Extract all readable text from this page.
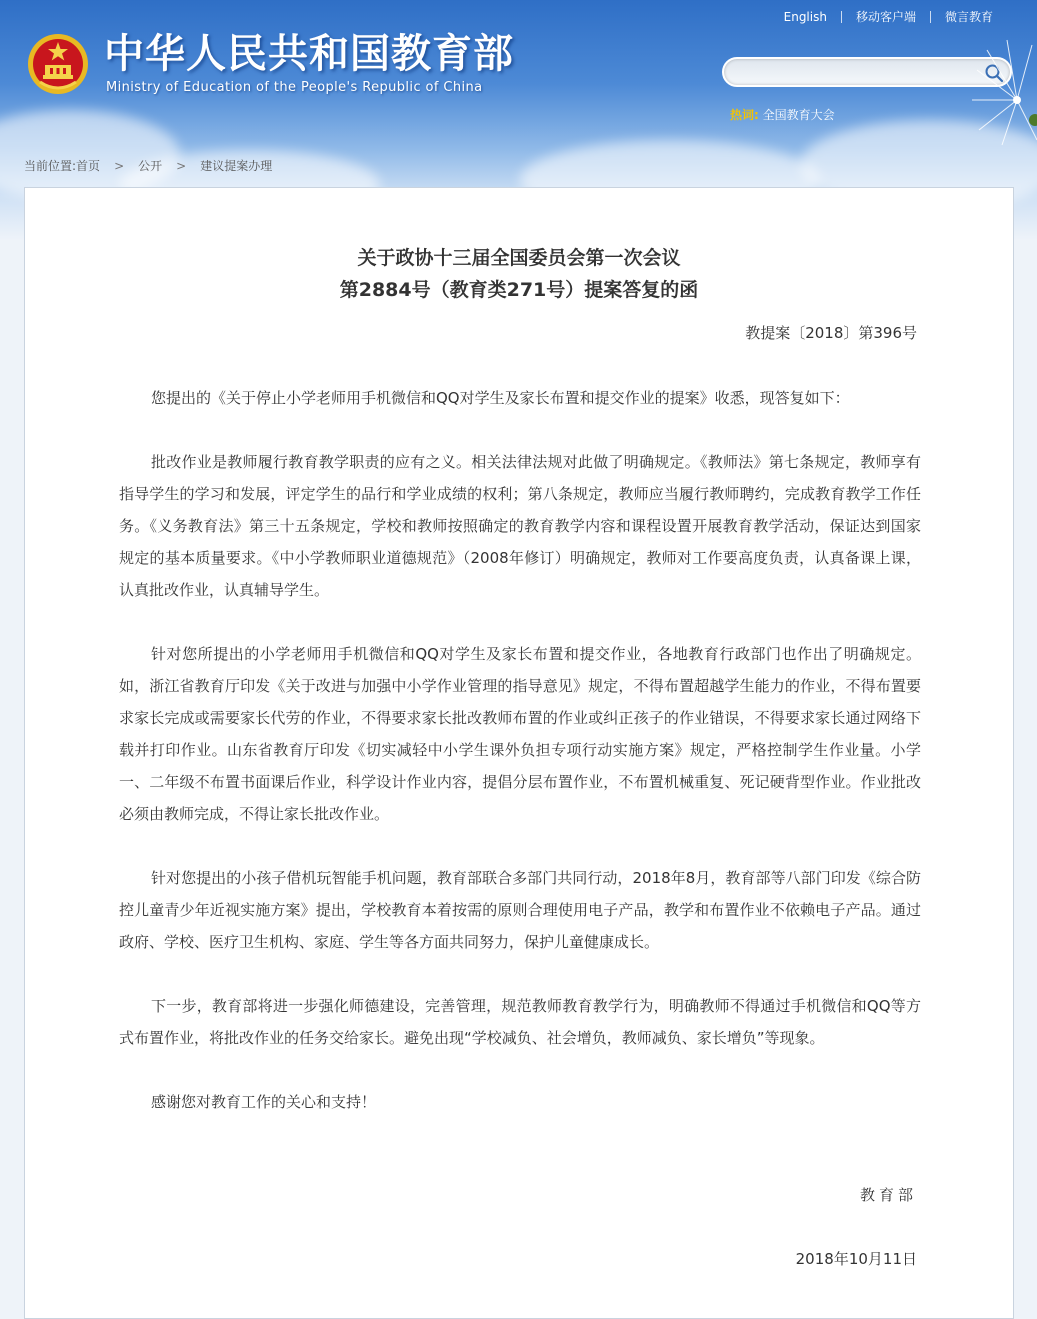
中华人民共和国教育部
Ministry of Education of the People's Republic of China
English 移动客户端 微言教育
热词: 全国教育大会
当前位置: 首页 > 公开 > 建议提案办理
关于政协十三届全国委员会第一次会议
第2884号（教育类271号）提案答复的函
教提案〔2018〕第396号

您提出的《关于停止小学老师用手机微信和QQ对学生及家长布置和提交作业的提案》收悉，现答复如下：

批改作业是教师履行教育教学职责的应有之义。相关法律法规对此做了明确规定。《教师法》第七条规定，教师享有指导学生的学习和发展，评定学生的品行和学业成绩的权利；第八条规定，教师应当履行教师聘约，完成教育教学工作任务。《义务教育法》第三十五条规定，学校和教师按照确定的教育教学内容和课程设置开展教育教学活动，保证达到国家规定的基本质量要求。《中小学教师职业道德规范》（2008年修订）明确规定，教师对工作要高度负责，认真备课上课，认真批改作业，认真辅导学生。

针对您所提出的小学老师用手机微信和QQ对学生及家长布置和提交作业，各地教育行政部门也作出了明确规定。如，浙江省教育厅印发《关于改进与加强中小学作业管理的指导意见》规定，不得布置超越学生能力的作业，不得布置要求家长完成或需要家长代劳的作业，不得要求家长批改教师布置的作业或纠正孩子的作业错误，不得要求家长通过网络下载并打印作业。山东省教育厅印发《切实减轻中小学生课外负担专项行动实施方案》规定，严格控制学生作业量。小学一、二年级不布置书面课后作业，科学设计作业内容，提倡分层布置作业，不布置机械重复、死记硬背型作业。作业批改必须由教师完成，不得让家长批改作业。

针对您提出的小孩子借机玩智能手机问题，教育部联合多部门共同行动，2018年8月，教育部等八部门印发《综合防控儿童青少年近视实施方案》提出，学校教育本着按需的原则合理使用电子产品，教学和布置作业不依赖电子产品。通过政府、学校、医疗卫生机构、家庭、学生等各方面共同努力，保护儿童健康成长。

下一步，教育部将进一步强化师德建设，完善管理，规范教师教育教学行为，明确教师不得通过手机微信和QQ等方式布置作业，将批改作业的任务交给家长。避免出现“学校减负、社会增负，教师减负、家长增负”等现象。

感谢您对教育工作的关心和支持！

教育部
2018年10月11日
